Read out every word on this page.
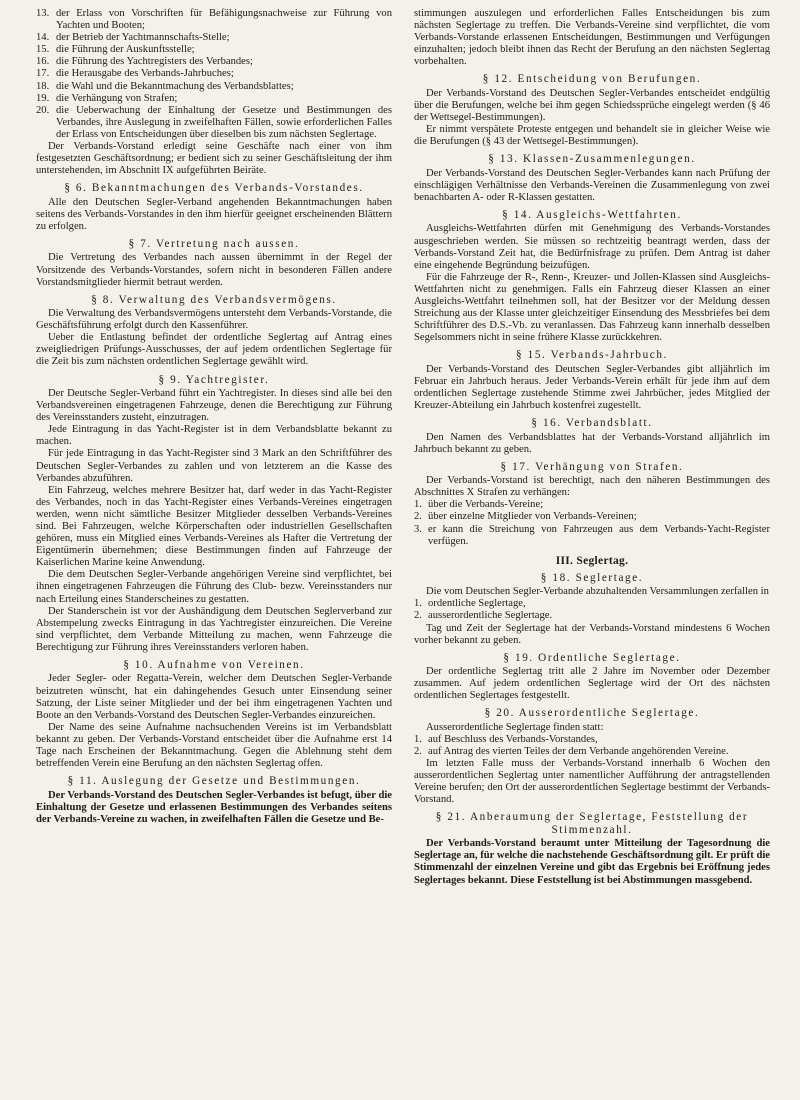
13. der Erlass von Vorschriften für Befähigungsnachweise zur Führung von Yachten und Booten;
14. der Betrieb der Yachtmannschafts-Stelle;
15. die Führung der Auskunftsstelle;
16. die Führung des Yachtregisters des Verbandes;
17. die Herausgabe des Verbands-Jahrbuches;
18. die Wahl und die Bekanntmachung des Verbandsblattes;
19. die Verhängung von Strafen;
20. die Ueberwachung der Einhaltung der Gesetze und Bestimmungen des Verbandes, ihre Auslegung in zweifelhaften Fällen, sowie erforderlichen Falles der Erlass von Entscheidungen über dieselben bis zum nächsten Seglertage.

Der Verbands-Vorstand erledigt seine Geschäfte nach einer von ihm festgesetzten Geschäftsordnung; er bedient sich zu seiner Geschäftsleitung der ihm unterstehenden, im Abschnitt IX aufgeführten Beiräte.

§ 6. Bekanntmachungen des Verbands-Vorstandes.

Alle den Deutschen Segler-Verband angehenden Bekanntmachungen haben seitens des Verbands-Vorstandes in den ihm hierfür geeignet erscheinenden Blättern zu erfolgen.

§ 7. Vertretung nach aussen.

Die Vertretung des Verbandes nach aussen übernimmt in der Regel der Vorsitzende des Verbands-Vorstandes, sofern nicht in besonderen Fällen andere Vorstandsmitglieder hiermit betraut werden.

§ 8. Verwaltung des Verbandsvermögens.

Die Verwaltung des Verbandsvermögens untersteht dem Verbands-Vorstande, die Geschäftsführung erfolgt durch den Kassenführer.

Ueber die Entlastung befindet der ordentliche Seglertag auf Antrag eines zweigliedrigen Prüfungs-Ausschusses, der auf jedem ordentlichen Seglertage für die Zeit bis zum nächsten ordentlichen Seglertage gewählt wird.

§ 9. Yachtregister.

Der Deutsche Segler-Verband führt ein Yachtregister. In dieses sind alle bei den Verbandsvereinen eingetragenen Fahrzeuge, denen die Berechtigung zur Führung des Vereinsstanders zusteht, einzutragen.

Jede Eintragung in das Yacht-Register ist in dem Verbandsblatte bekannt zu machen.

Für jede Eintragung in das Yacht-Register sind 3 Mark an den Schriftführer des Deutschen Segler-Verbandes zu zahlen und von letzterem an die Kasse des Verbandes abzuführen.

Ein Fahrzeug, welches mehrere Besitzer hat, darf weder in das Yacht-Register des Verbandes, noch in das Yacht-Register eines Verbands-Vereines eingetragen werden, wenn nicht sämtliche Besitzer Mitglieder desselben Verbands-Vereines sind. Bei Fahrzeugen, welche Körperschaften oder industriellen Gesellschaften gehören, muss ein Mitglied eines Verbands-Vereines als Hafter die Vertretung der Eigentümerin übernehmen; diese Bestimmungen finden auf Fahrzeuge der Kaiserlichen Marine keine Anwendung.

Die dem Deutschen Segler-Verbande angehörigen Vereine sind verpflichtet, bei ihnen eingetragenen Fahrzeugen die Führung des Club- bezw. Vereinsstanders nur nach Erteilung eines Standerscheines zu gestatten.

Der Standerschein ist vor der Aushändigung dem Deutschen Seglerverband zur Abstempelung zwecks Eintragung in das Yachtregister einzureichen. Die Vereine sind verpflichtet, dem Verbande Mitteilung zu machen, wenn Fahrzeuge die Berechtigung zur Führung ihres Vereinsstanders verloren haben.

§ 10. Aufnahme von Vereinen.

Jeder Segler- oder Regatta-Verein, welcher dem Deutschen Segler-Verbande beizutreten wünscht, hat ein dahingehendes Gesuch unter Einsendung seiner Satzung, der Liste seiner Mitglieder und der bei ihm eingetragenen Yachten und Boote an den Verbands-Vorstand des Deutschen Segler-Verbandes einzureichen.

Der Name des seine Aufnahme nachsuchenden Vereins ist im Verbandsblatt bekannt zu geben. Der Verbands-Vorstand entscheidet über die Aufnahme erst 14 Tage nach Erscheinen der Bekanntmachung. Gegen die Ablehnung steht dem betreffenden Verein eine Berufung an den nächsten Seglertag offen.

§ 11. Auslegung der Gesetze und Bestimmungen.

Der Verbands-Vorstand des Deutschen Segler-Verbandes ist befugt, über die Einhaltung der Gesetze und erlassenen Bestimmungen des Verbandes seitens der Verbands-Vereine zu wachen, in zweifelhaften Fällen die Gesetze und Be-

stimmungen auszulegen und erforderlichen Falles Entscheidungen bis zum nächsten Seglertage zu treffen. Die Verbands-Vereine sind verpflichtet, die vom Verbands-Vorstande erlassenen Entscheidungen, Bestimmungen und Verfügungen einzuhalten; jedoch bleibt ihnen das Recht der Berufung an den nächsten Seglertag vorbehalten.

§ 12. Entscheidung von Berufungen.

Der Verbands-Vorstand des Deutschen Segler-Verbandes entscheidet endgültig über die Berufungen, welche bei ihm gegen Schiedssprüche eingelegt werden (§ 46 der Wettsegel-Bestimmungen).

Er nimmt verspätete Proteste entgegen und behandelt sie in gleicher Weise wie die Berufungen (§ 43 der Wettsegel-Bestimmungen).

§ 13. Klassen-Zusammenlegungen.

Der Verbands-Vorstand des Deutschen Segler-Verbandes kann nach Prüfung der einschlägigen Verhältnisse den Verbands-Vereinen die Zusammenlegung von zwei benachbarten A- oder R-Klassen gestatten.

§ 14. Ausgleichs-Wettfahrten.

Ausgleichs-Wettfahrten dürfen mit Genehmigung des Verbands-Vorstandes ausgeschrieben werden. Sie müssen so rechtzeitig beantragt werden, dass der Verbands-Vorstand Zeit hat, die Bedürfnisfrage zu prüfen. Dem Antrag ist daher eine eingehende Begründung beizufügen.

Für die Fahrzeuge der R-, Renn-, Kreuzer- und Jollen-Klassen sind Ausgleichs-Wettfahrten nicht zu genehmigen. Falls ein Fahrzeug dieser Klassen an einer Ausgleichs-Wettfahrt teilnehmen soll, hat der Besitzer vor der Meldung dessen Streichung aus der Klasse unter gleichzeitiger Einsendung des Messbriefes bei dem Schriftführer des D.S.-Vb. zu veranlassen. Das Fahrzeug kann innerhalb desselben Segelsommers nicht in seine frühere Klasse zurückkehren.

§ 15. Verbands-Jahrbuch.

Der Verbands-Vorstand des Deutschen Segler-Verbandes gibt alljährlich im Februar ein Jahrbuch heraus. Jeder Verbands-Verein erhält für jede ihm auf dem ordentlichen Seglertage zustehende Stimme zwei Jahrbücher, jedes Mitglied der Kreuzer-Abteilung ein Jahrbuch kostenfrei zugestellt.

§ 16. Verbandsblatt.

Den Namen des Verbandsblattes hat der Verbands-Vorstand alljährlich im Jahrbuch bekannt zu geben.

§ 17. Verhängung von Strafen.

Der Verbands-Vorstand ist berechtigt, nach den näheren Bestimmungen des Abschnittes X Strafen zu verhängen:

1. über die Verbands-Vereine;
2. über einzelne Mitglieder von Verbands-Vereinen;
3. er kann die Streichung von Fahrzeugen aus dem Verbands-Yacht-Register verfügen.
III. Seglertag.
§ 18. Seglertage.

Die vom Deutschen Segler-Verbande abzuhaltenden Versammlungen zerfallen in

1. ordentliche Seglertage,
2. ausserordentliche Seglertage.

Tag und Zeit der Seglertage hat der Verbands-Vorstand mindestens 6 Wochen vorher bekannt zu geben.

§ 19. Ordentliche Seglertage.

Der ordentliche Seglertag tritt alle 2 Jahre im November oder Dezember zusammen. Auf jedem ordentlichen Seglertage wird der Ort des nächsten ordentlichen Seglertages festgestellt.

§ 20. Ausserordentliche Seglertage.

Ausserordentliche Seglertage finden statt:

1. auf Beschluss des Verbands-Vorstandes,
2. auf Antrag des vierten Teiles der dem Verbande angehörenden Vereine.

Im letzten Falle muss der Verbands-Vorstand innerhalb 6 Wochen den ausserordentlichen Seglertag unter namentlicher Aufführung der antragstellenden Vereine berufen; den Ort der ausserordentlichen Seglertage bestimmt der Verbands-Vorstand.

§ 21. Anberaumung der Seglertage, Feststellung der Stimmenzahl.

Der Verbands-Vorstand beraumt unter Mitteilung der Tagesordnung die Seglertage an, für welche die nachstehende Geschäftsordnung gilt. Er prüft die Stimmenzahl der einzelnen Vereine und gibt das Ergebnis bei Eröffnung jedes Seglertages bekannt. Diese Feststellung ist bei Abstimmungen massgebend.
